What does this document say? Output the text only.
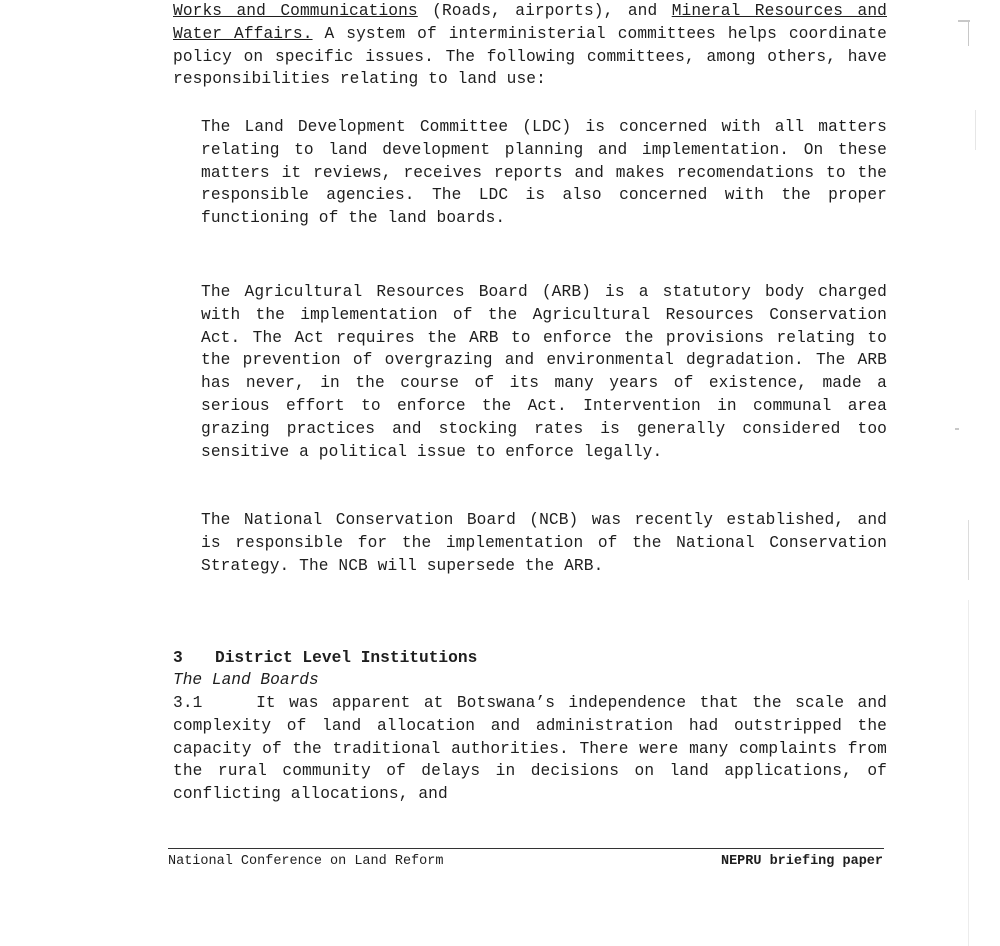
Works and Communications (Roads, airports), and Mineral Resources and Water Affairs. A system of interministerial committees helps coordinate policy on specific issues. The following committees, among others, have responsibilities relating to land use:

The Land Development Committee (LDC) is concerned with all matters relating to land development planning and implementation. On these matters it reviews, receives reports and makes recomendations to the responsible agencies. The LDC is also concerned with the proper functioning of the land boards.

The Agricultural Resources Board (ARB) is a statutory body charged with the implementation of the Agricultural Resources Conservation Act. The Act requires the ARB to enforce the provisions relating to the prevention of overgrazing and environmental degradation. The ARB has never, in the course of its many years of existence, made a serious effort to enforce the Act. Intervention in communal area grazing practices and stocking rates is generally considered too sensitive a political issue to enforce legally.

The National Conservation Board (NCB) was recently established, and is responsible for the implementation of the National Conservation Strategy. The NCB will supersede the ARB.

3 District Level Institutions
The Land Boards

3.1	It was apparent at Botswana’s independence that the scale and complexity of land allocation and administration had outstripped the capacity of the traditional authorities. There were many complaints from the rural community of delays in decisions on land applications, of conflicting allocations, and

National Conference on Land Reform	NEPRU briefing paper
